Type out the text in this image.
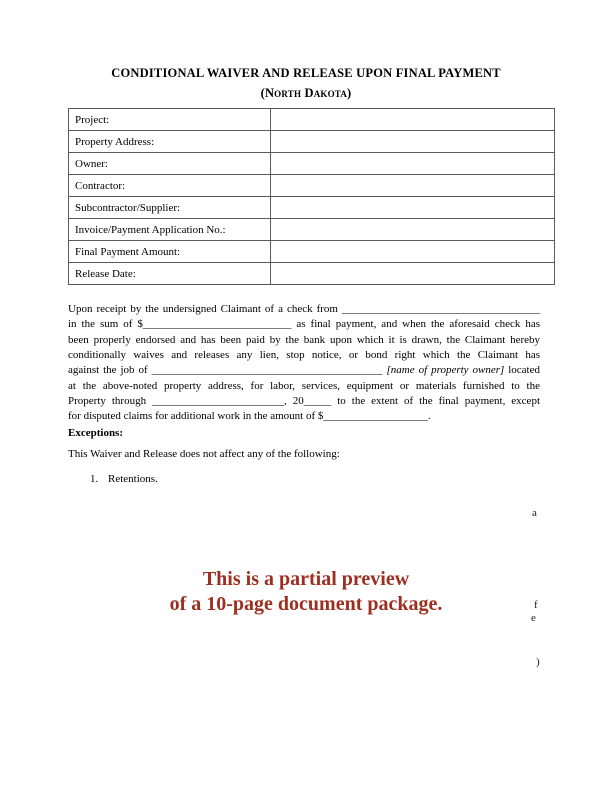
CONDITIONAL WAIVER AND RELEASE UPON FINAL PAYMENT
(North Dakota)
Project:	
Property Address:	
Owner:	
Contractor:	
Subcontractor/Supplier:	
Invoice/Payment Application No.:	
Final Payment Amount:	
Release Date:	
Upon receipt by the undersigned Claimant of a check from ____________________________________
in the sum of $___________________________ as final payment, and when the aforesaid check has
been properly endorsed and has been paid by the bank upon which it is drawn, the Claimant hereby
conditionally waives and releases any lien, stop notice, or bond right which the Claimant has
against the job of __________________________________________ [name of property owner] located
at the above-noted property address, for labor, services, equipment or materials furnished to the
Property through ________________________, 20_____ to the extent of the final payment, except
for disputed claims for additional work in the amount of $___________________.
Exceptions:
This Waiver and Release does not affect any of the following:
1. Retentions.
This is a partial preview
of a 10-page document package.
a
f
e
)
